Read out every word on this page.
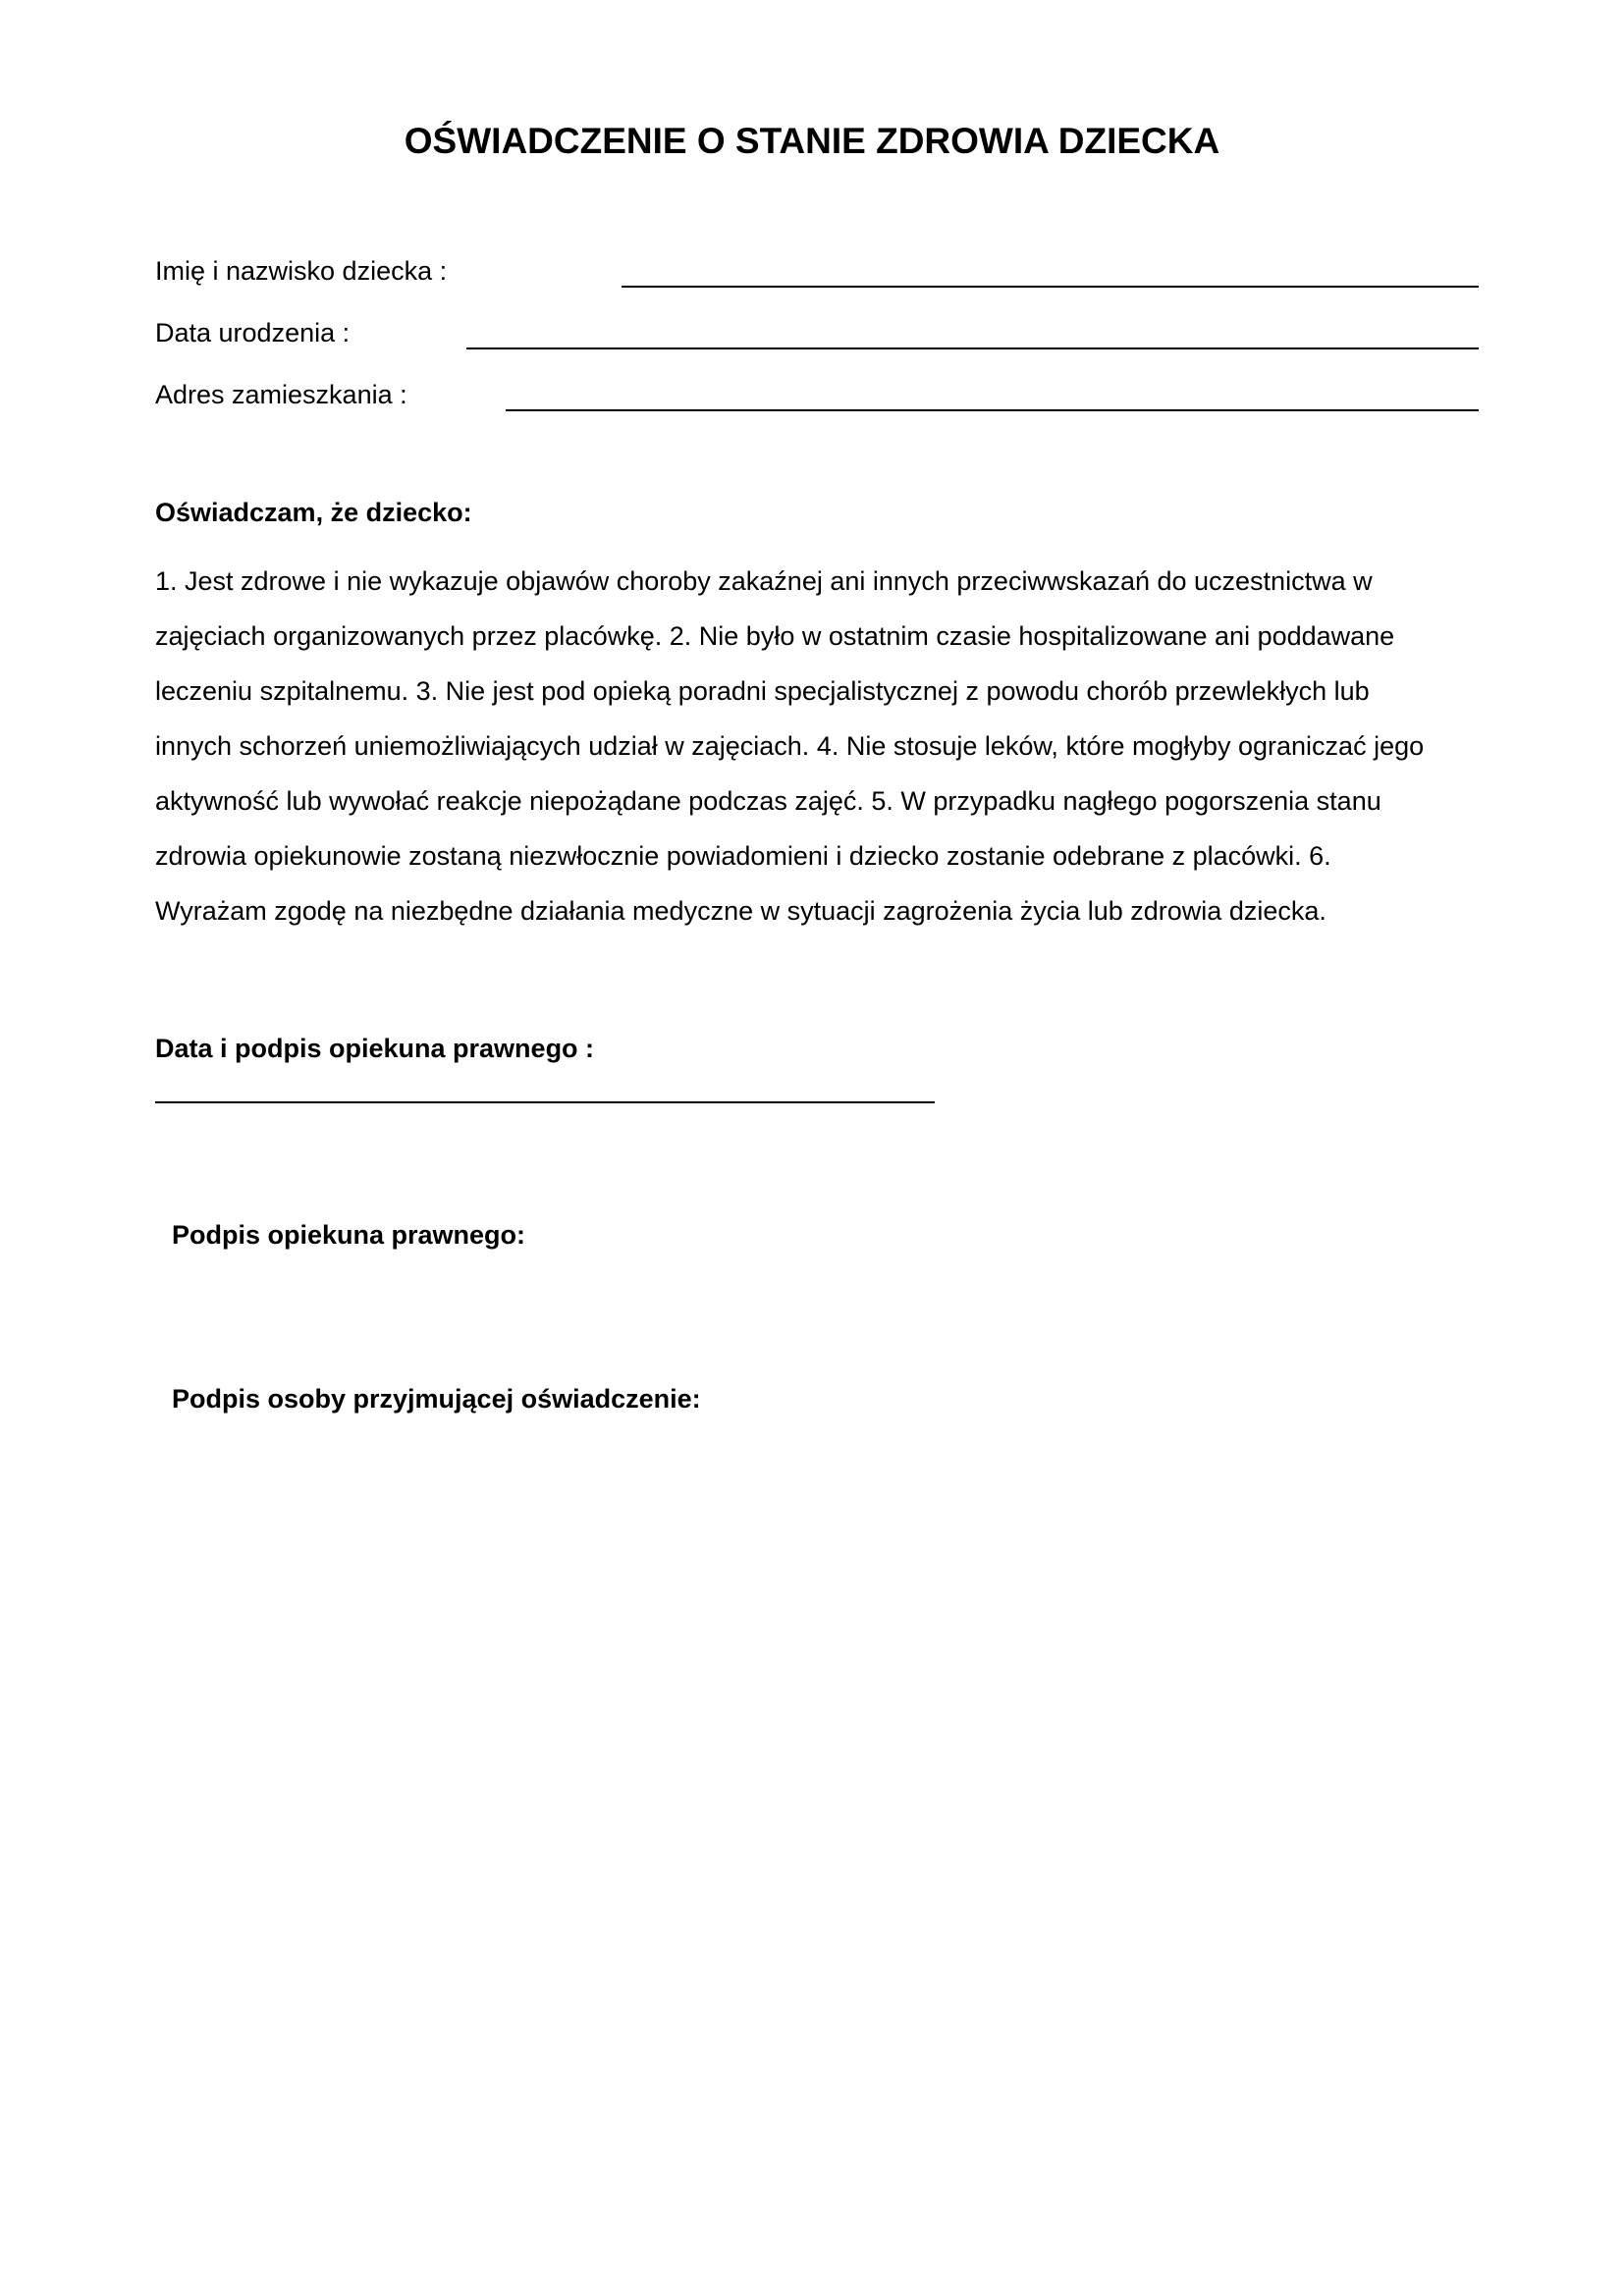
OŚWIADCZENIE O STANIE ZDROWIA DZIECKA
Imię i nazwisko dziecka :
Data urodzenia :
Adres zamieszkania :
Oświadczam, że dziecko:
1. Jest zdrowe i nie wykazuje objawów choroby zakaźnej ani innych przeciwwskazań do uczestnictwa w
zajęciach organizowanych przez placówkę. 2. Nie było w ostatnim czasie hospitalizowane ani poddawane
leczeniu szpitalnemu. 3. Nie jest pod opieką poradni specjalistycznej z powodu chorób przewlekłych lub
innych schorzeń uniemożliwiających udział w zajęciach. 4. Nie stosuje leków, które mogłyby ograniczać jego
aktywność lub wywołać reakcje niepożądane podczas zajęć. 5. W przypadku nagłego pogorszenia stanu
zdrowia opiekunowie zostaną niezwłocznie powiadomieni i dziecko zostanie odebrane z placówki. 6.
Wyrażam zgodę na niezbędne działania medyczne w sytuacji zagrożenia życia lub zdrowia dziecka.
Data i podpis opiekuna prawnego :
Podpis opiekuna prawnego:
Podpis osoby przyjmującej oświadczenie:
